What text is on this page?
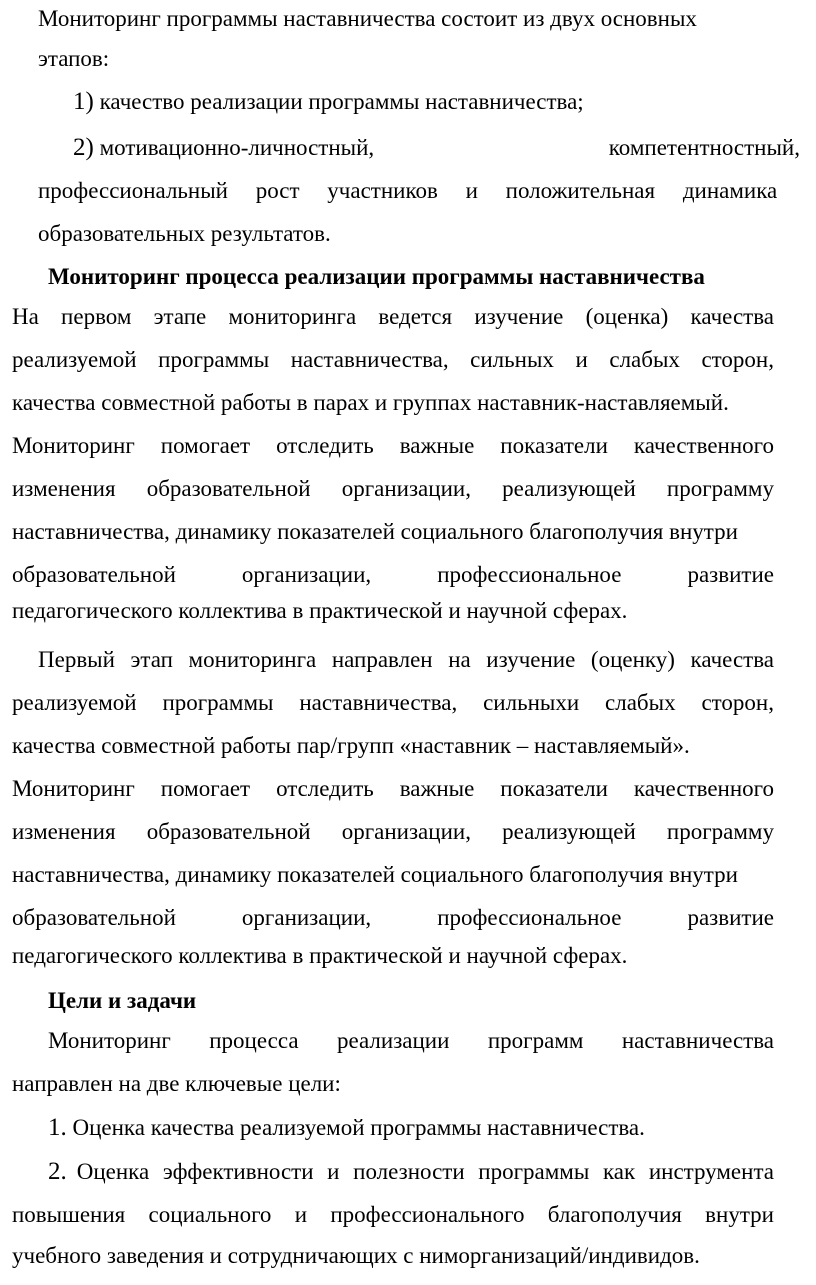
Мониторинг программы наставничества состоит из двух основных
этапов:
1) качество реализации программы наставничества;
2) мотивационно-личностный,	компетентностный,
профессиональный рост участников и положительная динамика
образовательных результатов.
Мониторинг процесса реализации программы наставничества
На первом этапе мониторинга ведется изучение (оценка) качества
реализуемой программы наставничества, сильных и слабых сторон,
качества совместной работы в парах и группах наставник-наставляемый.
Мониторинг помогает отследить важные показатели качественного
изменения образовательной организации, реализующей программу
наставничества, динамику показателей социального благополучия внутри
образовательной организации, профессиональное развитие
педагогического коллектива в практической и научной сферах.
Первый этап мониторинга направлен на изучение (оценку) качества
реализуемой программы наставничества, сильныхи слабых сторон,
качества совместной работы пар/групп «наставник – наставляемый».
Мониторинг помогает отследить важные показатели качественного
изменения образовательной организации, реализующей программу
наставничества, динамику показателей социального благополучия внутри
образовательной организации, профессиональное развитие
педагогического коллектива в практической и научной сферах.
Цели и задачи
Мониторинг процесса реализации программ наставничества
направлен на две ключевые цели:
1. Оценка качества реализуемой программы наставничества.
2. Оценка эффективности и полезности программы как инструмента
повышения социального и профессионального благополучия внутри
учебного заведения и сотрудничающих с ниморганизаций/индивидов.
